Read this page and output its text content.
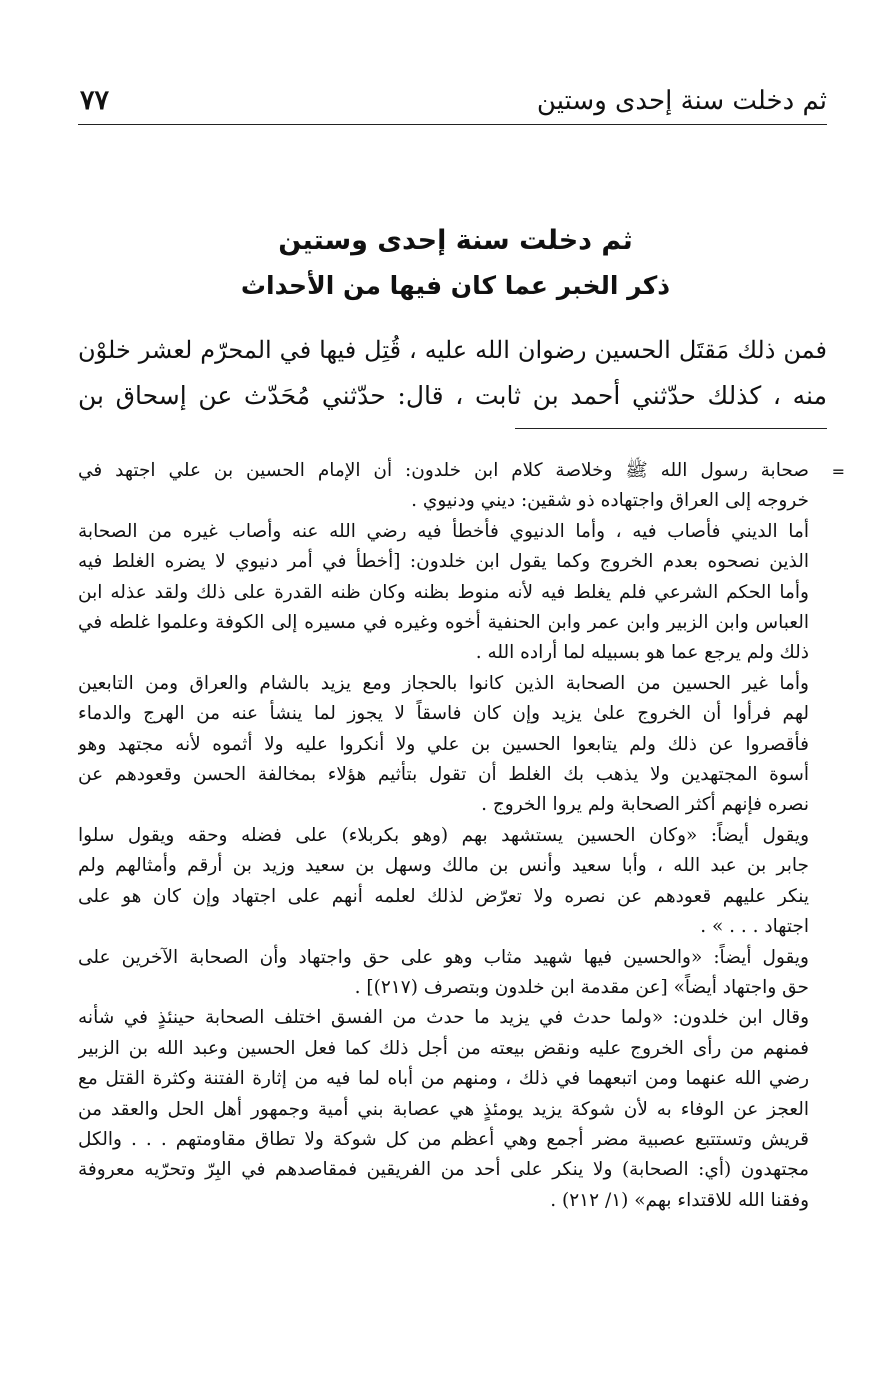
ثم دخلت سنة إحدى وستين
٧٧
ثم دخلت سنة إحدى وستين
ذكر الخبر عما كان فيها من الأحداث
فمن ذلك مَقتَل الحسين رضوان الله عليه ، قُتِل فيها في المحرّم لعشر خلوْن
منه ، كذلك حدّثني أحمد بن ثابت ، قال: حدّثني مُحَدّث عن إسحاق بن
=
صحابة رسول الله ﷺ وخلاصة كلام ابن خلدون: أن الإمام الحسين بن علي اجتهد في
خروجه إلى العراق واجتهاده ذو شقين: ديني ودنيوي .
أما الديني فأصاب فيه ، وأما الدنيوي فأخطأ فيه رضي الله عنه وأصاب غيره من الصحابة
الذين نصحوه بعدم الخروج وكما يقول ابن خلدون: [أخطأ في أمر دنيوي لا يضره الغلط فيه
وأما الحكم الشرعي فلم يغلط فيه لأنه منوط بظنه وكان ظنه القدرة على ذلك ولقد عذله ابن
العباس وابن الزبير وابن عمر وابن الحنفية أخوه وغيره في مسيره إلى الكوفة وعلموا غلطه في
ذلك ولم يرجع عما هو بسبيله لما أراده الله .
وأما غير الحسين من الصحابة الذين كانوا بالحجاز ومع يزيد بالشام والعراق ومن التابعين
لهم فرأوا أن الخروج علىٰ يزيد وإن كان فاسقاً لا يجوز لما ينشأ عنه من الهرج والدماء
فأقصروا عن ذلك ولم يتابعوا الحسين بن علي ولا أنكروا عليه ولا أثموه لأنه مجتهد وهو
أسوة المجتهدين ولا يذهب بك الغلط أن تقول بتأثيم هؤلاء بمخالفة الحسن وقعودهم عن
نصره فإنهم أكثر الصحابة ولم يروا الخروج .
ويقول أيضاً: «وكان الحسين يستشهد بهم (وهو بكربلاء) على فضله وحقه ويقول سلوا
جابر بن عبد الله ، وأبا سعيد وأنس بن مالك وسهل بن سعيد وزيد بن أرقم وأمثالهم ولم
ينكر عليهم قعودهم عن نصره ولا تعرّض لذلك لعلمه أنهم على اجتهاد وإن كان هو على
اجتهاد . . . » .
ويقول أيضاً: «والحسين فيها شهيد مثاب وهو على حق واجتهاد وأن الصحابة الآخرين على
حق واجتهاد أيضاً» [عن مقدمة ابن خلدون وبتصرف (٢١٧)] .
وقال ابن خلدون: «ولما حدث في يزيد ما حدث من الفسق اختلف الصحابة حينئذٍ في شأنه
فمنهم من رأى الخروج عليه ونقض بيعته من أجل ذلك كما فعل الحسين وعبد الله بن الزبير
رضي الله عنهما ومن اتبعهما في ذلك ، ومنهم من أباه لما فيه من إثارة الفتنة وكثرة القتل مع
العجز عن الوفاء به لأن شوكة يزيد يومئذٍ هي عصابة بني أمية وجمهور أهل الحل والعقد من
قريش وتستتبع عصبية مضر أجمع وهي أعظم من كل شوكة ولا تطاق مقاومتهم . . . والكل
مجتهدون (أي: الصحابة) ولا ينكر على أحد من الفريقين فمقاصدهم في البِرّ وتحرّيه معروفة
وفقنا الله للاقتداء بهم» (١/ ٢١٢) .
